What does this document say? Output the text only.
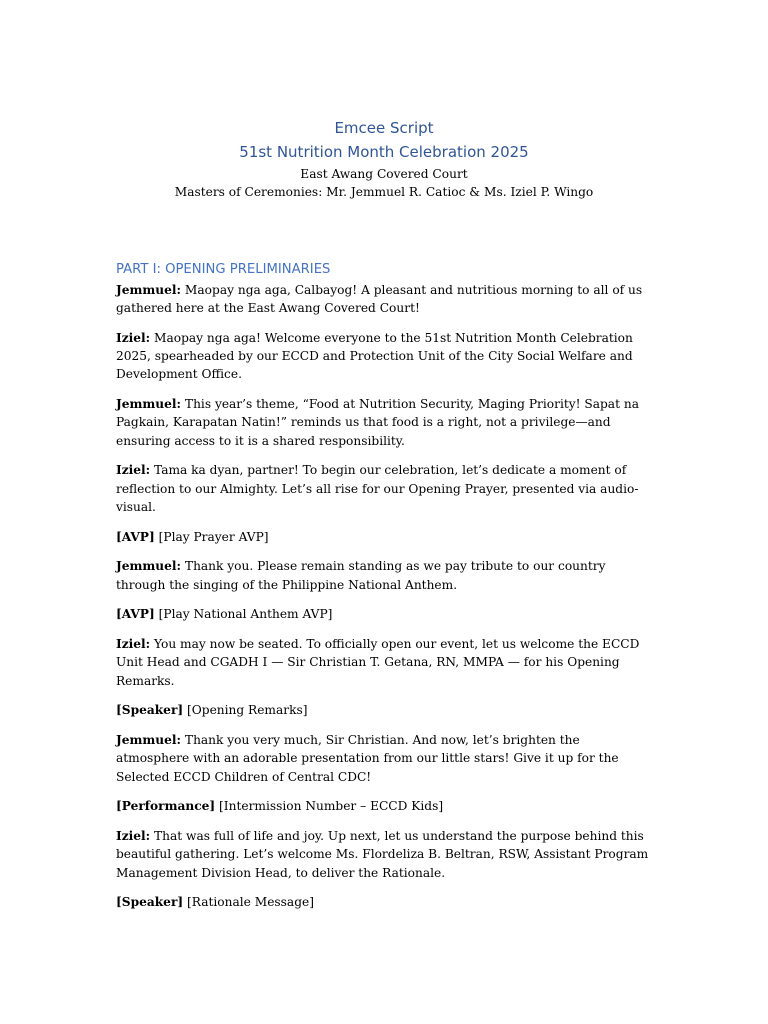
Emcee Script
51st Nutrition Month Celebration 2025

East Awang Covered Court

Masters of Ceremonies: Mr. Jemmuel R. Catioc & Ms. Iziel P. Wingo

PART I: OPENING PRELIMINARIES

Jemmuel: Maopay nga aga, Calbayog! A pleasant and nutritious morning to all of us gathered here at the East Awang Covered Court!

Iziel: Maopay nga aga! Welcome everyone to the 51st Nutrition Month Celebration 2025, spearheaded by our ECCD and Protection Unit of the City Social Welfare and Development Office.

Jemmuel: This year’s theme, “Food at Nutrition Security, Maging Priority! Sapat na Pagkain, Karapatan Natin!” reminds us that food is a right, not a privilege—and ensuring access to it is a shared responsibility.

Iziel: Tama ka dyan, partner! To begin our celebration, let’s dedicate a moment of reflection to our Almighty. Let’s all rise for our Opening Prayer, presented via audio-visual.

[AVP] [Play Prayer AVP]

Jemmuel: Thank you. Please remain standing as we pay tribute to our country through the singing of the Philippine National Anthem.

[AVP] [Play National Anthem AVP]

Iziel: You may now be seated. To officially open our event, let us welcome the ECCD Unit Head and CGADH I — Sir Christian T. Getana, RN, MMPA — for his Opening Remarks.

[Speaker] [Opening Remarks]

Jemmuel: Thank you very much, Sir Christian. And now, let’s brighten the atmosphere with an adorable presentation from our little stars! Give it up for the Selected ECCD Children of Central CDC!

[Performance] [Intermission Number – ECCD Kids]

Iziel: That was full of life and joy. Up next, let us understand the purpose behind this beautiful gathering. Let’s welcome Ms. Flordeliza B. Beltran, RSW, Assistant Program Management Division Head, to deliver the Rationale.

[Speaker] [Rationale Message]
